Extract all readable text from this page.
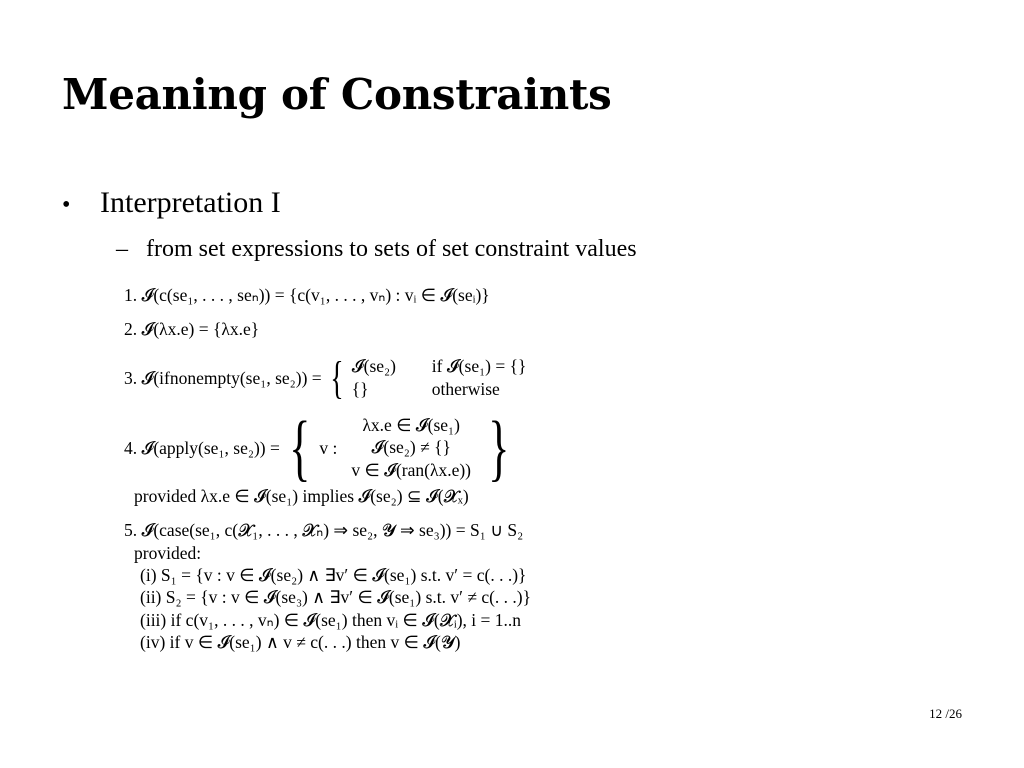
Meaning of Constraints
• Interpretation I
– from set expressions to sets of set constraint values
1. 𝓘(c(se₁, . . . , seₙ)) = {c(v₁, . . . , vₙ) : vᵢ ∈ 𝓘(seᵢ)}
2. 𝓘(λx.e) = {λx.e}
3. 𝓘(ifnonempty(se₁, se₂)) = { 𝓘(se₂)	if 𝓘(se₁) = {}
{}	otherwise
4. 𝓘(apply(se₁, se₂)) = { v :
λx.e ∈ 𝓘(se₁)
𝓘(se₂) ≠ {}
v ∈ 𝓘(ran(λx.e)) }
provided λx.e ∈ 𝓘(se₁) implies 𝓘(se₂) ⊆ 𝓘(𝓧ₓ)
5. 𝓘(case(se₁, c(𝓧₁, . . . , 𝓧ₙ) ⇒ se₂, 𝓨 ⇒ se₃)) = S₁ ∪ S₂
provided:
(i) S₁ = {v : v ∈ 𝓘(se₂) ∧ ∃v′ ∈ 𝓘(se₁) s.t. v′ = c(. . .)}
(ii) S₂ = {v : v ∈ 𝓘(se₃) ∧ ∃v′ ∈ 𝓘(se₁) s.t. v′ ≠ c(. . .)}
(iii) if c(v₁, . . . , vₙ) ∈ 𝓘(se₁) then vᵢ ∈ 𝓘(𝓧ᵢ), i = 1..n
(iv) if v ∈ 𝓘(se₁) ∧ v ≠ c(. . .) then v ∈ 𝓘(𝓨)
12 /26
